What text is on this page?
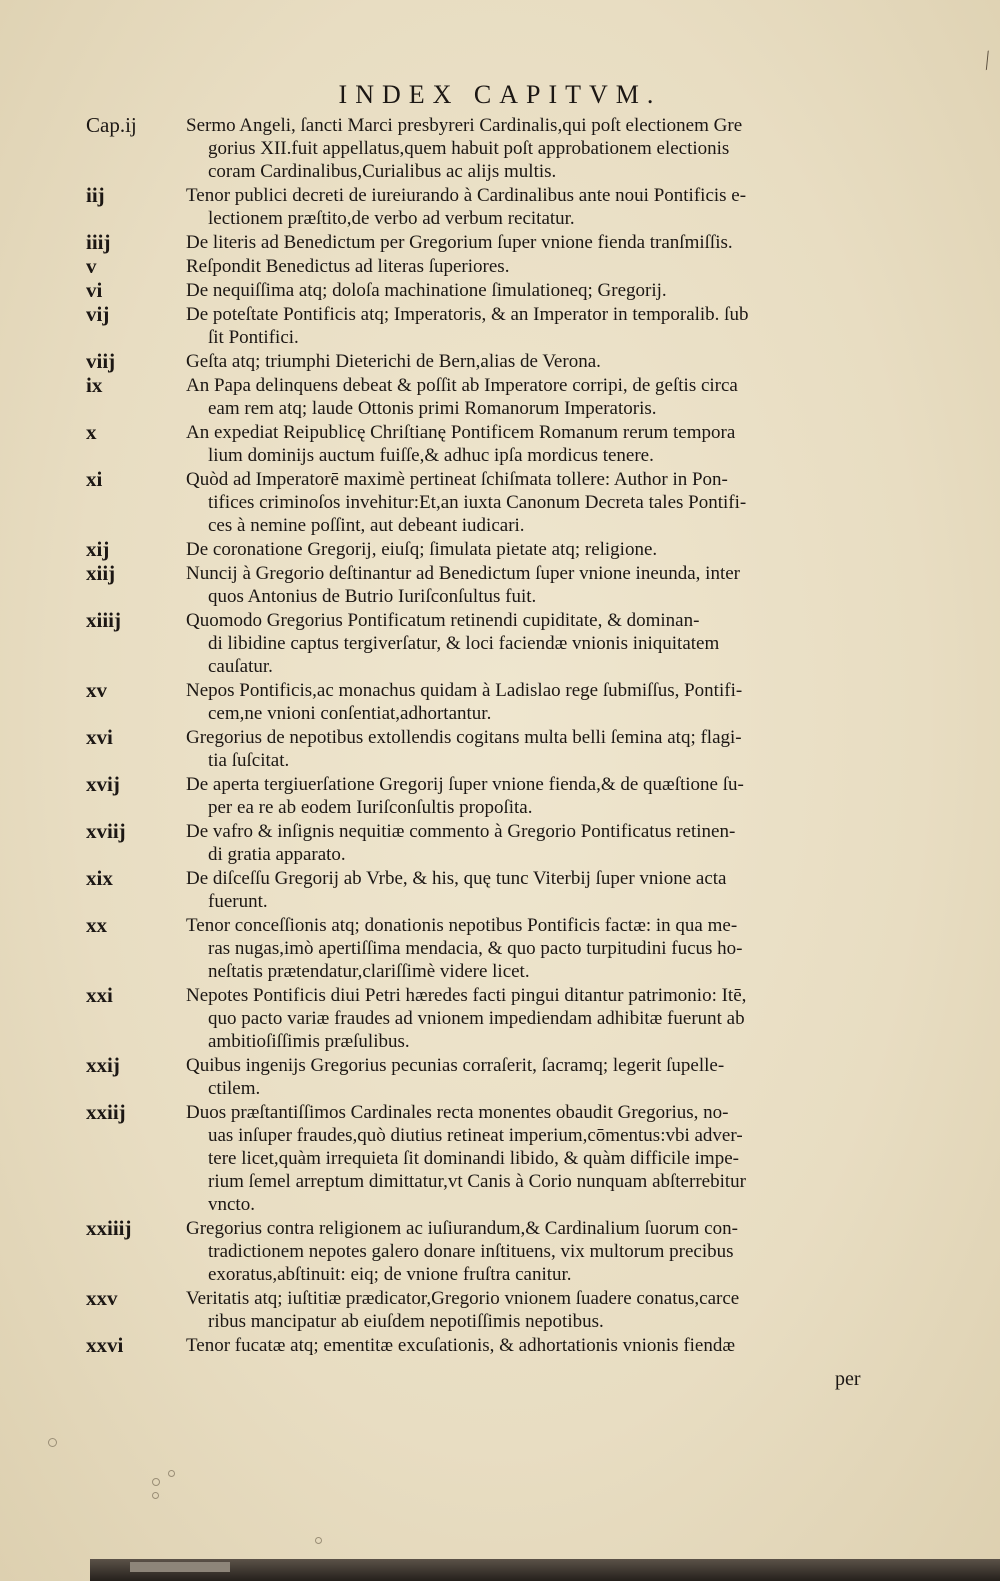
INDEX CAPITVM.
Cap.ij	Sermo Angeli, ſancti Marci presbyreri Cardinalis,qui poſt electionem Gre
gorius XII.fuit appellatus,quem habuit poſt approbationem electionis
coram Cardinalibus,Curialibus ac alijs multis.
iij	Tenor publici decreti de iureiurando à Cardinalibus ante noui Pontificis e-
lectionem præſtito,de verbo ad verbum recitatur.
iiij	De literis ad Benedictum per Gregorium ſuper vnione fienda tranſmiſſis.
v	Reſpondit Benedictus ad literas ſuperiores.
vi	De nequiſſima atq; doloſa machinatione ſimulationeq; Gregorij.
vij	De poteſtate Pontificis atq; Imperatoris, & an Imperator in temporalib. ſub
ſit Pontifici.
viij	Geſta atq; triumphi Dieterichi de Bern,alias de Verona.
ix	An Papa delinquens debeat & poſſit ab Imperatore corripi, de geſtis circa
eam rem atq; laude Ottonis primi Romanorum Imperatoris.
x	An expediat Reipublicę Chriſtianę Pontificem Romanum rerum tempora
lium dominijs auctum fuiſſe,& adhuc ipſa mordicus tenere.
xi	Quòd ad Imperatorē maximè pertineat ſchiſmata tollere: Author in Pon-
tifices criminoſos invehitur:Et,an iuxta Canonum Decreta tales Pontifi-
ces à nemine poſſint, aut debeant iudicari.
xij	De coronatione Gregorij, eiuſq; ſimulata pietate atq; religione.
xiij	Nuncij à Gregorio deſtinantur ad Benedictum ſuper vnione ineunda, inter
quos Antonius de Butrio Iuriſconſultus fuit.
xiiij	Quomodo Gregorius Pontificatum retinendi cupiditate, & dominan-
di libidine captus tergiverſatur, & loci faciendæ vnionis iniquitatem
cauſatur.
xv	Nepos Pontificis,ac monachus quidam à Ladislao rege ſubmiſſus, Pontifi-
cem,ne vnioni conſentiat,adhortantur.
xvi	Gregorius de nepotibus extollendis cogitans multa belli ſemina atq; flagi-
tia ſuſcitat.
xvij	De aperta tergiuerſatione Gregorij ſuper vnione fienda,& de quæſtione ſu-
per ea re ab eodem Iuriſconſultis propoſita.
xviij	De vafro & inſignis nequitiæ commento à Gregorio Pontificatus retinen-
di gratia apparato.
xix	De diſceſſu Gregorij ab Vrbe, & his, quę tunc Viterbij ſuper vnione acta
fuerunt.
xx	Tenor conceſſionis atq; donationis nepotibus Pontificis factæ: in qua me-
ras nugas,imò apertiſſima mendacia, & quo pacto turpitudini fucus ho-
neſtatis prætendatur,clariſſimè videre licet.
xxi	Nepotes Pontificis diui Petri hæredes facti pingui ditantur patrimonio: Itē,
quo pacto variæ fraudes ad vnionem impediendam adhibitæ fuerunt ab
ambitioſiſſimis præſulibus.
xxij	Quibus ingenijs Gregorius pecunias corraſerit, ſacramq; legerit ſupelle-
ctilem.
xxiij	Duos præſtantiſſimos Cardinales recta monentes obaudit Gregorius, no-
uas inſuper fraudes,quò diutius retineat imperium,cōmentus:vbi adver-
tere licet,quàm irrequieta ſit dominandi libido, & quàm difficile impe-
rium ſemel arreptum dimittatur,vt Canis à Corio nunquam abſterrebitur
vncto.
xxiiij	Gregorius contra religionem ac iuſiurandum,& Cardinalium ſuorum con-
tradictionem nepotes galero donare inſtituens, vix multorum precibus
exoratus,abſtinuit: eiq; de vnione fruſtra canitur.
xxv	Veritatis atq; iuſtitiæ prædicator,Gregorio vnionem ſuadere conatus,carce
ribus mancipatur ab eiuſdem nepotiſſimis nepotibus.
xxvi	Tenor fucatæ atq; ementitæ excuſationis, & adhortationis vnionis fiendæ
per
⁄
